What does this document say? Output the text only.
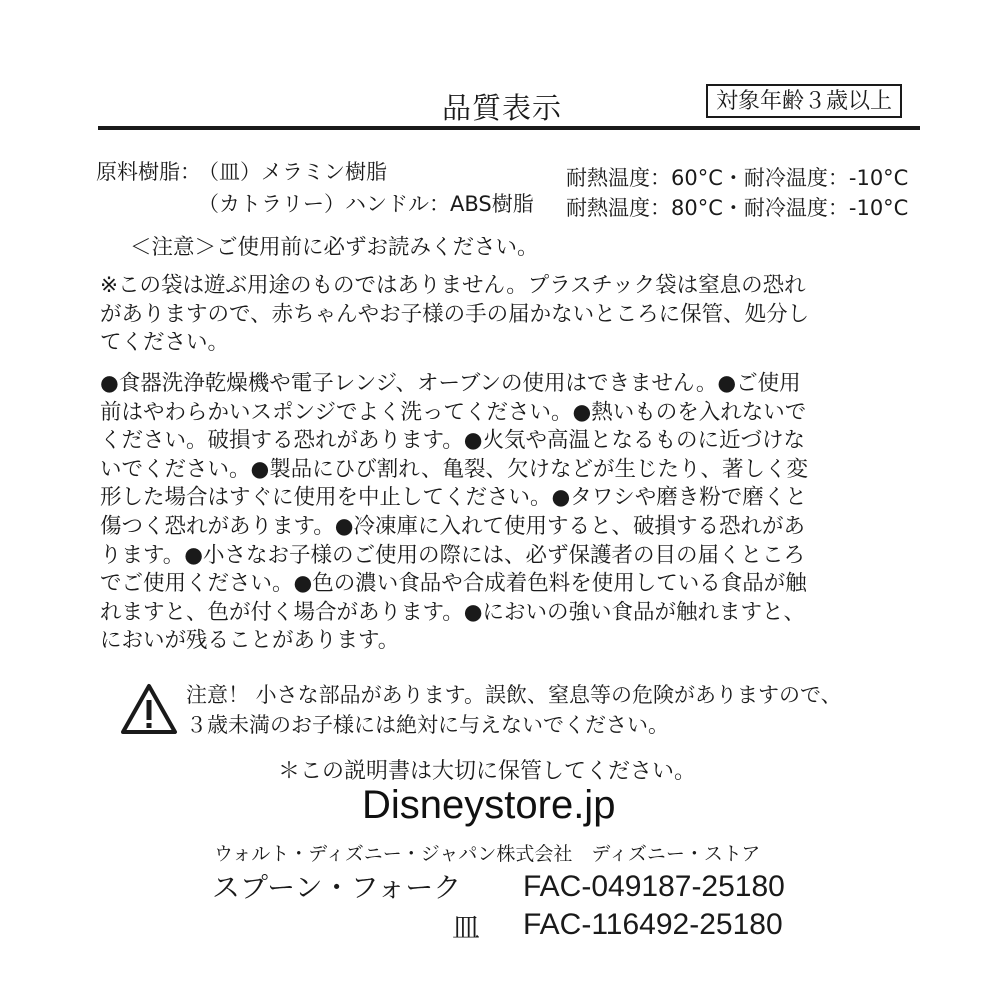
品質表示	対象年齢３歳以上
原料樹脂：
（皿）メラミン樹脂	耐熱温度：60°C・耐冷温度：-10°C
（カトラリー）ハンドル：ABS樹脂 耐熱温度：80°C・耐冷温度：-10°C
＜注意＞ご使用前に必ずお読みください。
※この袋は遊ぶ用途のものではありません。プラスチック袋は窒息の恐れ
がありますので、赤ちゃんやお子様の手の届かないところに保管、処分し
てください。
●食器洗浄乾燥機や電子レンジ、オーブンの使用はできません。●ご使用
前はやわらかいスポンジでよく洗ってください。●熱いものを入れないで
ください。破損する恐れがあります。●火気や高温となるものに近づけな
いでください。●製品にひび割れ、亀裂、欠けなどが生じたり、著しく変
形した場合はすぐに使用を中止してください。●タワシや磨き粉で磨くと
傷つく恐れがあります。●冷凍庫に入れて使用すると、破損する恐れがあ
ります。●小さなお子様のご使用の際には、必ず保護者の目の届くところ
でご使用ください。●色の濃い食品や合成着色料を使用している食品が触
れますと、色が付く場合があります。●においの強い食品が触れますと、
においが残ることがあります。
注意！ 小さな部品があります。誤飲、窒息等の危険がありますので、
３歳未満のお子様には絶対に与えないでください。
＊この説明書は大切に保管してください。
Disneystore.jp
ウォルト・ディズニー・ジャパン株式会社　ディズニー・ストア
スプーン・フォーク FAC-049187-25180
皿 FAC-116492-25180
